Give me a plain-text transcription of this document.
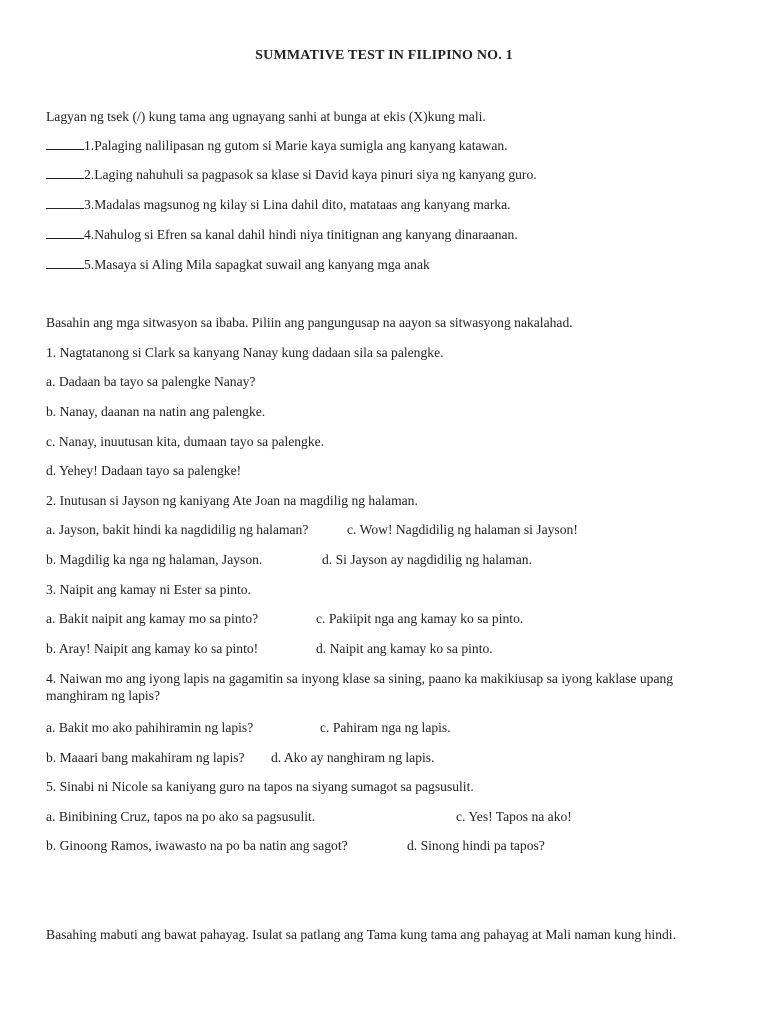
SUMMATIVE TEST IN FILIPINO NO. 1
Lagyan ng tsek (/) kung tama ang ugnayang sanhi at bunga at ekis (X)kung mali.
1.Palaging nalilipasan ng gutom si Marie kaya sumigla ang kanyang katawan.
2.Laging nahuhuli sa pagpasok sa klase si David kaya pinuri siya ng kanyang guro.
3.Madalas magsunog ng kilay si Lina dahil dito, matataas ang kanyang marka.
4.Nahulog si Efren sa kanal dahil hindi niya tinitignan ang kanyang dinaraanan.
5.Masaya si Aling Mila sapagkat suwail ang kanyang mga anak
Basahin ang mga sitwasyon sa ibaba. Piliin ang pangungusap na aayon sa sitwasyong nakalahad.
1. Nagtatanong si Clark sa kanyang Nanay kung dadaan sila sa palengke.
a. Dadaan ba tayo sa palengke Nanay?
b. Nanay, daanan na natin ang palengke.
c. Nanay, inuutusan kita, dumaan tayo sa palengke.
d. Yehey! Dadaan tayo sa palengke!
2. Inutusan si Jayson ng kaniyang Ate Joan na magdilig ng halaman.
a. Jayson, bakit hindi ka nagdidilig ng halaman?	c. Wow! Nagdidilig ng halaman si Jayson!
b. Magdilig ka nga ng halaman, Jayson.	d. Si Jayson ay nagdidilig ng halaman.
3. Naipit ang kamay ni Ester sa pinto.
a. Bakit naipit ang kamay mo sa pinto?	c. Pakiipit nga ang kamay ko sa pinto.
b. Aray! Naipit ang kamay ko sa pinto!	d. Naipit ang kamay ko sa pinto.
4. Naiwan mo ang iyong lapis na gagamitin sa inyong klase sa sining, paano ka makikiusap sa iyong kaklase upang manghiram ng lapis?
a. Bakit mo ako pahihiramin ng lapis?	c. Pahiram nga ng lapis.
b. Maaari bang makahiram ng lapis? d. Ako ay nanghiram ng lapis.
5. Sinabi ni Nicole sa kaniyang guro na tapos na siyang sumagot sa pagsusulit.
a. Binibining Cruz, tapos na po ako sa pagsusulit.	c. Yes! Tapos na ako!
b. Ginoong Ramos, iwawasto na po ba natin ang sagot?	d. Sinong hindi pa tapos?
Basahing mabuti ang bawat pahayag. Isulat sa patlang ang Tama kung tama ang pahayag at Mali naman kung hindi.
